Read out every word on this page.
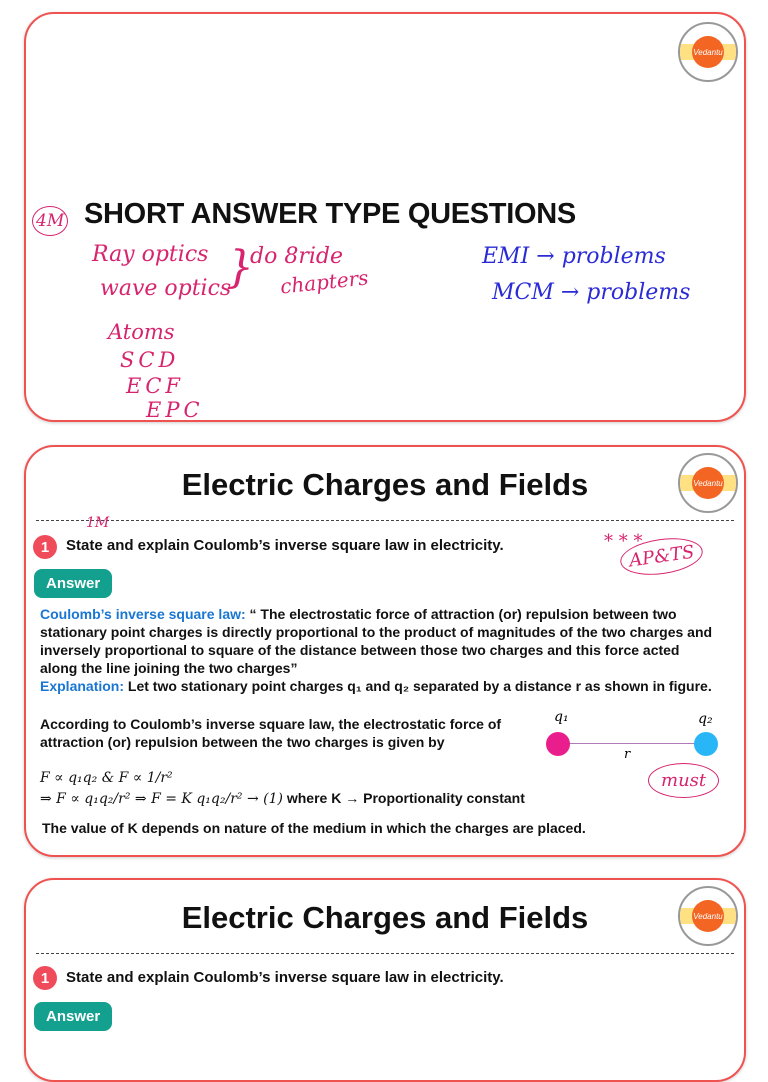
Vedantu
SHORT ANSWER TYPE QUESTIONS
4M
Ray optics
wave optics
}
do 8ride
chapters
EMI → problems
MCM → problems
Atoms
SCD
ECF
EPC
Vedantu
Electric Charges and Fields
1M
1	State and explain Coulomb’s inverse square law in electricity.	* * *
AP&TS
Answer
Coulomb’s inverse square law: “ The electrostatic force of attraction (or) repulsion between two stationary point charges is directly proportional to the product of magnitudes of the two charges and inversely proportional to square of the distance between those two charges and this force acted along the line joining the two charges”
Explanation: Let two stationary point charges q₁ and q₂ separated by a distance r as shown in figure.
According to Coulomb’s inverse square law, the electrostatic force of attraction (or) repulsion between the two charges is given by
F ∝ q₁q₂ & F ∝ 1/r²
⇒ F ∝ q₁q₂/r² ⇒ F = K q₁q₂/r² → (1) where K → Proportionality constant
The value of K depends on nature of the medium in which the charges are placed.
q₁	q₂
r
must
Vedantu
Electric Charges and Fields
1	State and explain Coulomb’s inverse square law in electricity.
Answer
